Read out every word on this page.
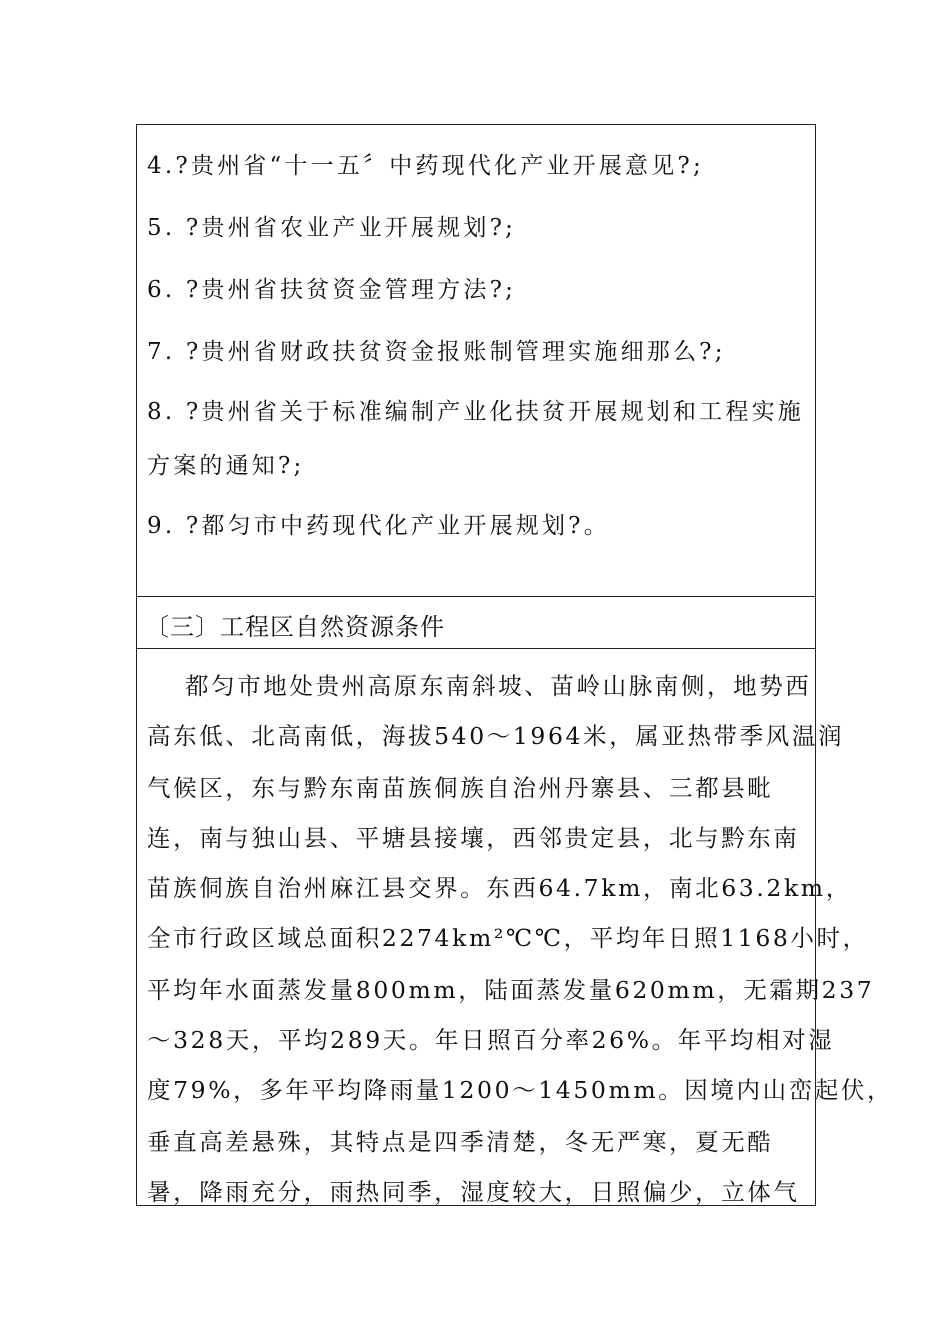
4.?贵州省“十一五〞中药现代化产业开展意见?;
5. ?贵州省农业产业开展规划?;
6. ?贵州省扶贫资金管理方法?;
7. ?贵州省财政扶贫资金报账制管理实施细那么?;
8. ?贵州省关于标准编制产业化扶贫开展规划和工程实施
方案的通知?;
9. ?都匀市中药现代化产业开展规划?。
〔三〕工程区自然资源条件
都匀市地处贵州高原东南斜坡、苗岭山脉南侧，地势西
高东低、北高南低，海拔540～1964米，属亚热带季风温润
气候区，东与黔东南苗族侗族自治州丹寨县、三都县毗
连，南与独山县、平塘县接壤，西邻贵定县，北与黔东南
苗族侗族自治州麻江县交界。东西64.7km，南北63.2km，
全市行政区域总面积2274km²℃℃，平均年日照1168小时，
平均年水面蒸发量800mm，陆面蒸发量620mm，无霜期237
～328天，平均289天。年日照百分率26%。年平均相对湿
度79%，多年平均降雨量1200～1450mm。因境内山峦起伏，
垂直高差悬殊，其特点是四季清楚，冬无严寒，夏无酷
暑，降雨充分，雨热同季，湿度较大，日照偏少，立体气
